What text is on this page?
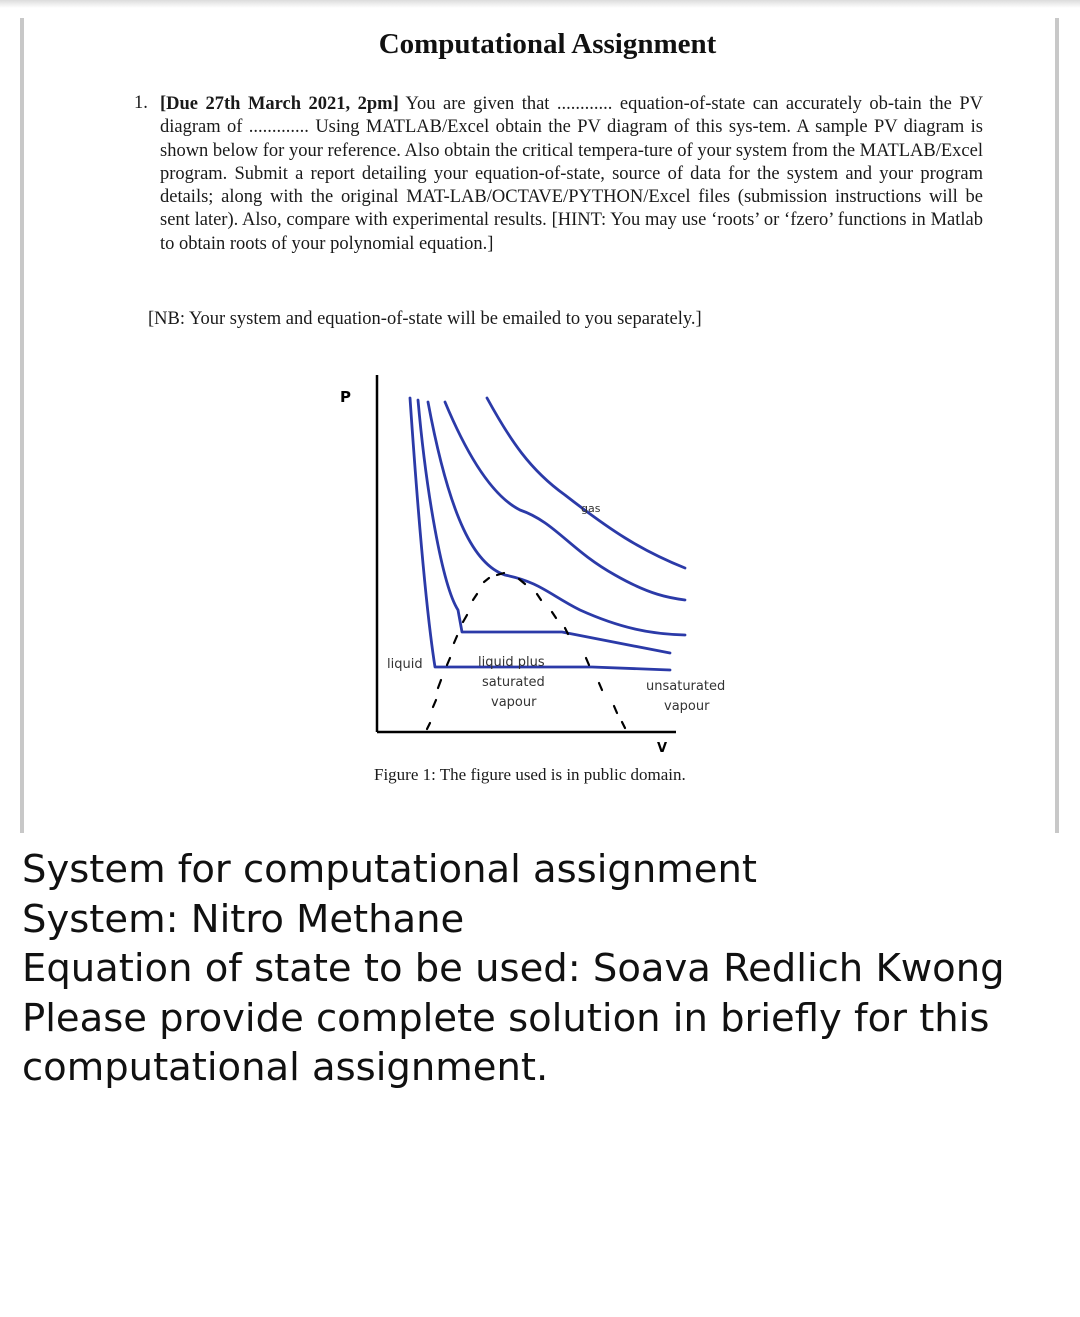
Computational Assignment
1. [Due 27th March 2021, 2pm] You are given that ............ equation-of-state can accurately ob-tain the PV diagram of ............. Using MATLAB/Excel obtain the PV diagram of this sys-tem. A sample PV diagram is shown below for your reference. Also obtain the critical tempera-ture of your system from the MATLAB/Excel program. Submit a report detailing your equation-of-state, source of data for the system and your program details; along with the original MAT-LAB/OCTAVE/PYTHON/Excel files (submission instructions will be sent later). Also, compare with experimental results. [HINT: You may use ‘roots’ or ‘fzero’ functions in Matlab to obtain roots of your polynomial equation.]
[NB: Your system and equation-of-state will be emailed to you separately.]
P
V
gas
liquid	liquid plus
saturated
vapour
unsaturated
vapour
Figure 1: The figure used is in public domain.
System for computational assignment
System: Nitro Methane
Equation of state to be used: Soava Redlich Kwong
Please provide complete solution in briefly for this
computational assignment.
